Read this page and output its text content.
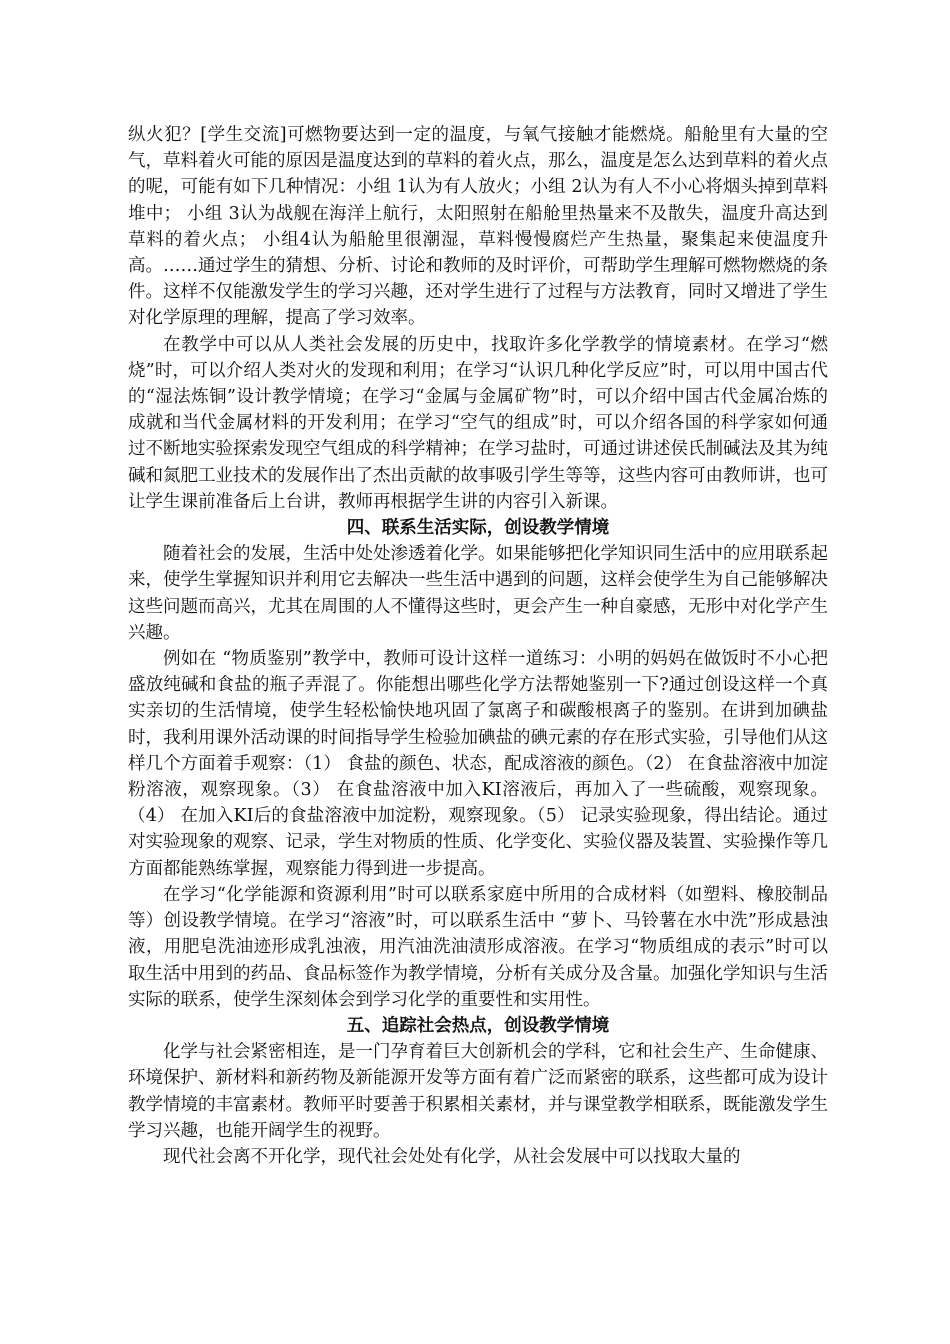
纵火犯？[学生交流]可燃物要达到一定的温度，与氧气接触才能燃烧。船舱里有大量的空气，草料着火可能的原因是温度达到的草料的着火点，那么，温度是怎么达到草料的着火点的呢，可能有如下几种情况：小组 1认为有人放火；小组 2认为有人不小心将烟头掉到草料堆中； 小组 3认为战舰在海洋上航行，太阳照射在船舱里热量来不及散失，温度升高达到草料的着火点； 小组4认为船舱里很潮湿，草料慢慢腐烂产生热量，聚集起来使温度升高。……通过学生的猜想、分析、讨论和教师的及时评价，可帮助学生理解可燃物燃烧的条件。这样不仅能激发学生的学习兴趣，还对学生进行了过程与方法教育，同时又增进了学生对化学原理的理解，提高了学习效率。

在教学中可以从人类社会发展的历史中，找取许多化学教学的情境素材。在学习“燃烧”时，可以介绍人类对火的发现和利用；在学习“认识几种化学反应”时，可以用中国古代的“湿法炼铜”设计教学情境；在学习“金属与金属矿物”时，可以介绍中国古代金属冶炼的成就和当代金属材料的开发利用；在学习“空气的组成”时，可以介绍各国的科学家如何通过不断地实验探索发现空气组成的科学精神；在学习盐时，可通过讲述侯氏制碱法及其为纯碱和氮肥工业技术的发展作出了杰出贡献的故事吸引学生等等，这些内容可由教师讲，也可让学生课前准备后上台讲，教师再根据学生讲的内容引入新课。

四、联系生活实际，创设教学情境

随着社会的发展，生活中处处渗透着化学。如果能够把化学知识同生活中的应用联系起来，使学生掌握知识并利用它去解决一些生活中遇到的问题，这样会使学生为自己能够解决这些问题而高兴，尤其在周围的人不懂得这些时，更会产生一种自豪感，无形中对化学产生兴趣。

例如在 “物质鉴别”教学中，教师可设计这样一道练习：小明的妈妈在做饭时不小心把盛放纯碱和食盐的瓶子弄混了。你能想出哪些化学方法帮她鉴别一下?通过创设这样一个真实亲切的生活情境，使学生轻松愉快地巩固了氯离子和碳酸根离子的鉴别。在讲到加碘盐时，我利用课外活动课的时间指导学生检验加碘盐的碘元素的存在形式实验，引导他们从这样几个方面着手观察：（1） 食盐的颜色、状态，配成溶液的颜色。（2） 在食盐溶液中加淀粉溶液，观察现象。（3） 在食盐溶液中加入KI溶液后，再加入了一些硫酸，观察现象。（4） 在加入KI后的食盐溶液中加淀粉，观察现象。（5） 记录实验现象，得出结论。通过对实验现象的观察、记录，学生对物质的性质、化学变化、实验仪器及装置、实验操作等几方面都能熟练掌握，观察能力得到进一步提高。

在学习“化学能源和资源利用”时可以联系家庭中所用的合成材料（如塑料、橡胶制品等）创设教学情境。在学习“溶液”时，可以联系生活中 “萝卜、马铃薯在水中洗”形成悬浊液，用肥皂洗油迹形成乳浊液，用汽油洗油渍形成溶液。在学习“物质组成的表示”时可以取生活中用到的药品、食品标签作为教学情境，分析有关成分及含量。加强化学知识与生活实际的联系，使学生深刻体会到学习化学的重要性和实用性。

五、追踪社会热点，创设教学情境

化学与社会紧密相连，是一门孕育着巨大创新机会的学科，它和社会生产、生命健康、环境保护、新材料和新药物及新能源开发等方面有着广泛而紧密的联系，这些都可成为设计教学情境的丰富素材。教师平时要善于积累相关素材，并与课堂教学相联系，既能激发学生学习兴趣，也能开阔学生的视野。

现代社会离不开化学，现代社会处处有化学，从社会发展中可以找取大量的
